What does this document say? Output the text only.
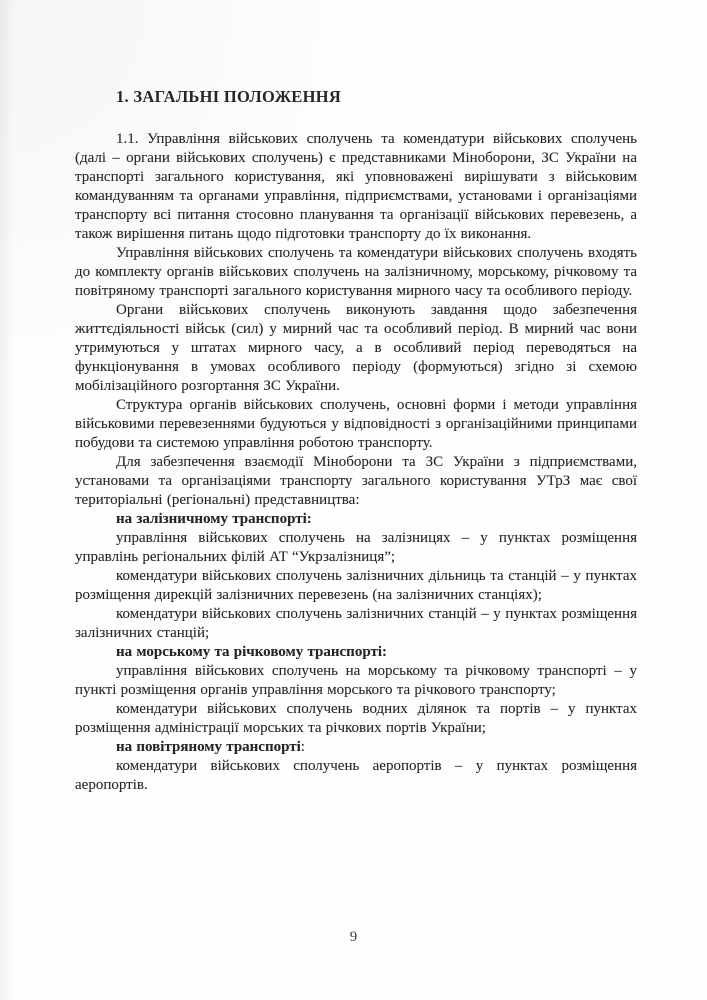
1. ЗАГАЛЬНІ ПОЛОЖЕННЯ

1.1. Управління військових сполучень та комендатури військових сполучень (далі – органи військових сполучень) є представниками Міноборони, ЗС України на транспорті загального користування, які уповноважені вирішувати з військовим командуванням та органами управління, підприємствами, установами і організаціями транспорту всі питання стосовно планування та організації військових перевезень, а також вирішення питань щодо підготовки транспорту до їх виконання.

Управління військових сполучень та комендатури військових сполучень входять до комплекту органів військових сполучень на залізничному, морському, річковому та повітряному транспорті загального користування мирного часу та особливого періоду.

Органи військових сполучень виконують завдання щодо забезпечення життєдіяльності військ (сил) у мирний час та особливий період. В мирний час вони утримуються у штатах мирного часу, а в особливий період переводяться на функціонування в умовах особливого періоду (формуються) згідно зі схемою мобілізаційного розгортання ЗС України.

Структура органів військових сполучень, основні форми і методи управління військовими перевезеннями будуються у відповідності з організаційними принципами побудови та системою управління роботою транспорту.

Для забезпечення взаємодії Міноборони та ЗС України з підприємствами, установами та організаціями транспорту загального користування УТрЗ має свої територіальні (регіональні) представництва:

на залізничному транспорті:

управління військових сполучень на залізницях – у пунктах розміщення управлінь регіональних філій АТ “Укрзалізниця”;

комендатури військових сполучень залізничних дільниць та станцій – у пунктах розміщення дирекцій залізничних перевезень (на залізничних станціях);

комендатури військових сполучень залізничних станцій – у пунктах розміщення залізничних станцій;

на морському та річковому транспорті:

управління військових сполучень на морському та річковому транспорті – у пункті розміщення органів управління морського та річкового транспорту;

комендатури військових сполучень водних ділянок та портів – у пунктах розміщення адміністрації морських та річкових портів України;

на повітряному транспорті:

комендатури військових сполучень аеропортів – у пунктах розміщення аеропортів.

9
